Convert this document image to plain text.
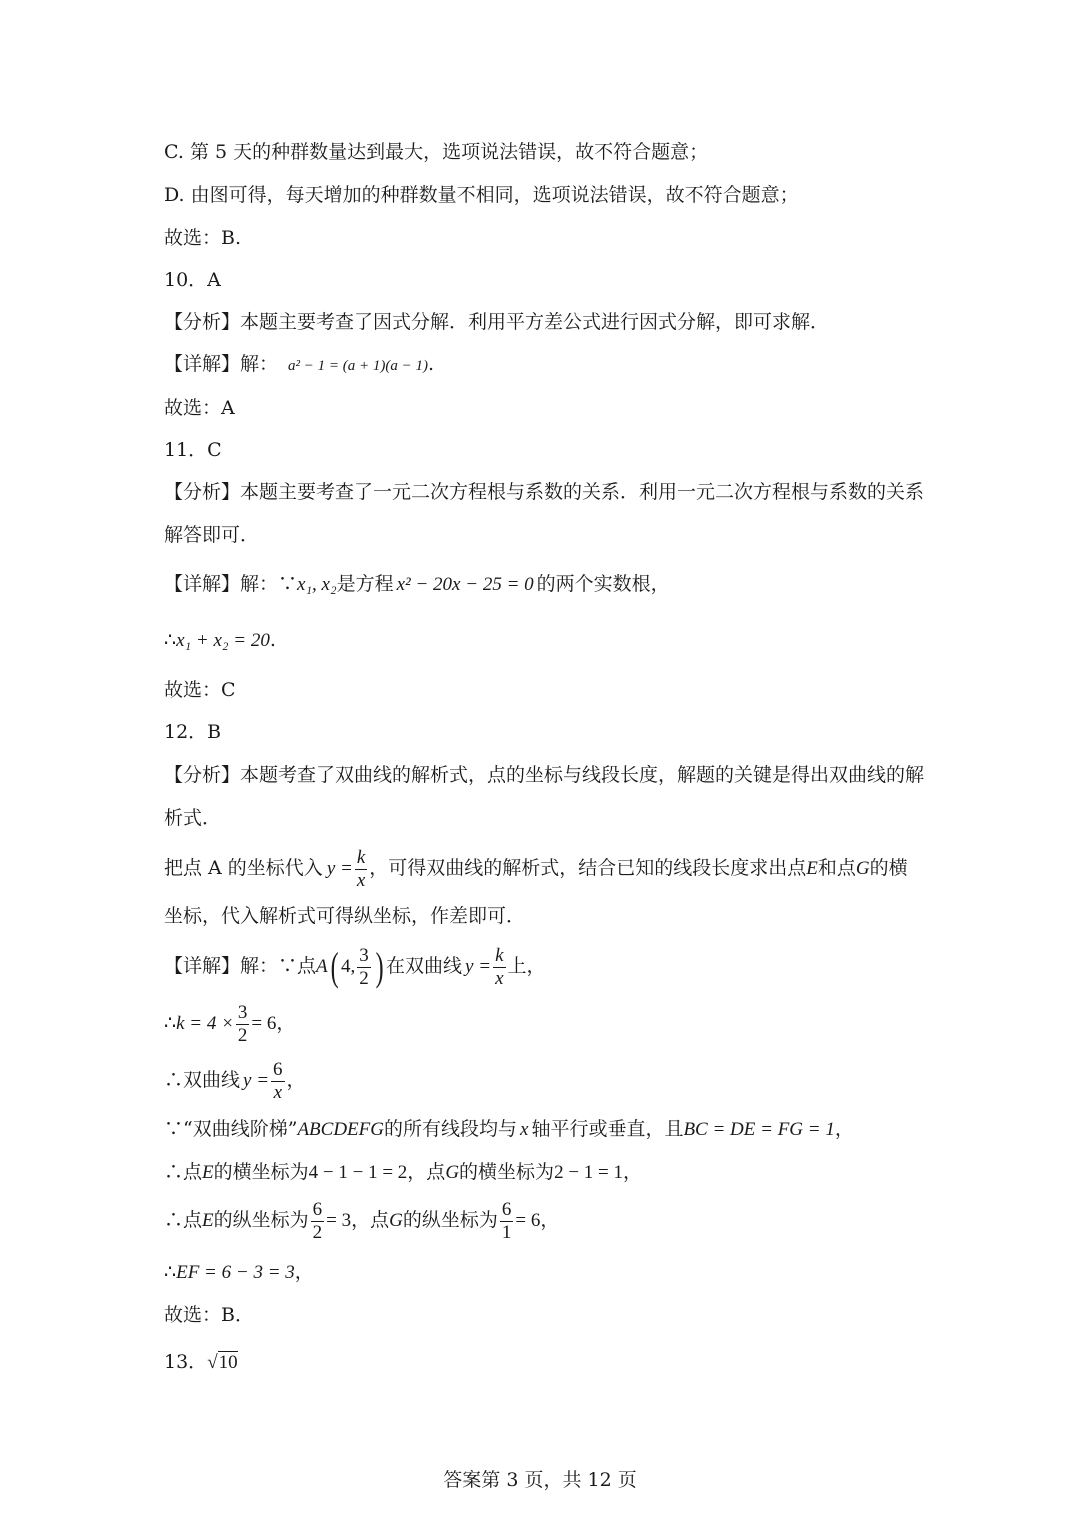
C. 第 5 天的种群数量达到最大，选项说法错误，故不符合题意；
D. 由图可得，每天增加的种群数量不相同，选项说法错误，故不符合题意；
故选：B.
10．A
【分析】本题主要考查了因式分解．利用平方差公式进行因式分解，即可求解．
【详解】解： a² − 1 = (a + 1)(a − 1).
故选：A
11．C
【分析】本题主要考查了一元二次方程根与系数的关系．利用一元二次方程根与系数的关系
解答即可．
【详解】解：∵x₁, x₂是方程 x² − 20x − 25 = 0 的两个实数根，
∴x₁ + x₂ = 20.
故选：C
12．B
【分析】本题考查了双曲线的解析式，点的坐标与线段长度，解题的关键是得出双曲线的解
析式．
把点 A 的坐标代入 $y = \frac{k}{x}$ ，可得双曲线的解析式，结合已知的线段长度求出点E和点G的横
坐标，代入解析式可得纵坐标，作差即可．
【详解】解：∵点A( 4, $\frac{3}{2}$ ) 在双曲线 $y = \frac{k}{x}$ 上，
∴k = $4 \times \frac{3}{2} = 6$，
∴双曲线 $y = \frac{6}{x}$ ，
∵“双曲线阶梯”ABCDEFG的所有线段均与 x 轴平行或垂直，且BC = DE = FG = 1，
∴点E的横坐标为4 − 1 − 1 = 2，点G的横坐标为2 − 1 = 1，
∴点E的纵坐标为 $\frac{6}{2} = 3$，点G的纵坐标为 $\frac{6}{1} = 6$，
∴EF = 6 − 3 = 3，
故选：B．
13．√10
答案第 3 页，共 12 页
